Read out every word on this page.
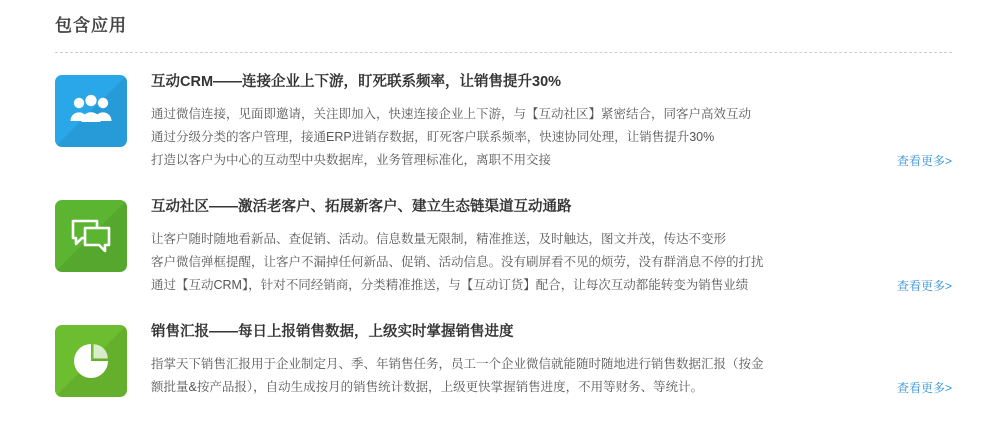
包含应用
互动CRM——连接企业上下游，盯死联系频率，让销售提升30%
通过微信连接，见面即邀请，关注即加入，快速连接企业上下游，与【互动社区】紧密结合，同客户高效互动
通过分级分类的客户管理，接通ERP进销存数据，盯死客户联系频率，快速协同处理，让销售提升30%
打造以客户为中心的互动型中央数据库，业务管理标准化，离职不用交接	查看更多>
互动社区——激活老客户、拓展新客户、建立生态链渠道互动通路
让客户随时随地看新品、查促销、活动。信息数量无限制，精准推送，及时触达，图文并茂，传达不变形
客户微信弹框提醒，让客户不漏掉任何新品、促销、活动信息。没有刷屏看不见的烦劳，没有群消息不停的打扰
通过【互动CRM】，针对不同经销商，分类精准推送，与【互动订货】配合，让每次互动都能转变为销售业绩	查看更多>
销售汇报——每日上报销售数据，上级实时掌握销售进度
指掌天下销售汇报用于企业制定月、季、年销售任务，员工一个企业微信就能随时随地进行销售数据汇报（按金
额批量&按产品报），自动生成按月的销售统计数据，上级更快掌握销售进度，不用等财务、等统计。	查看更多>
